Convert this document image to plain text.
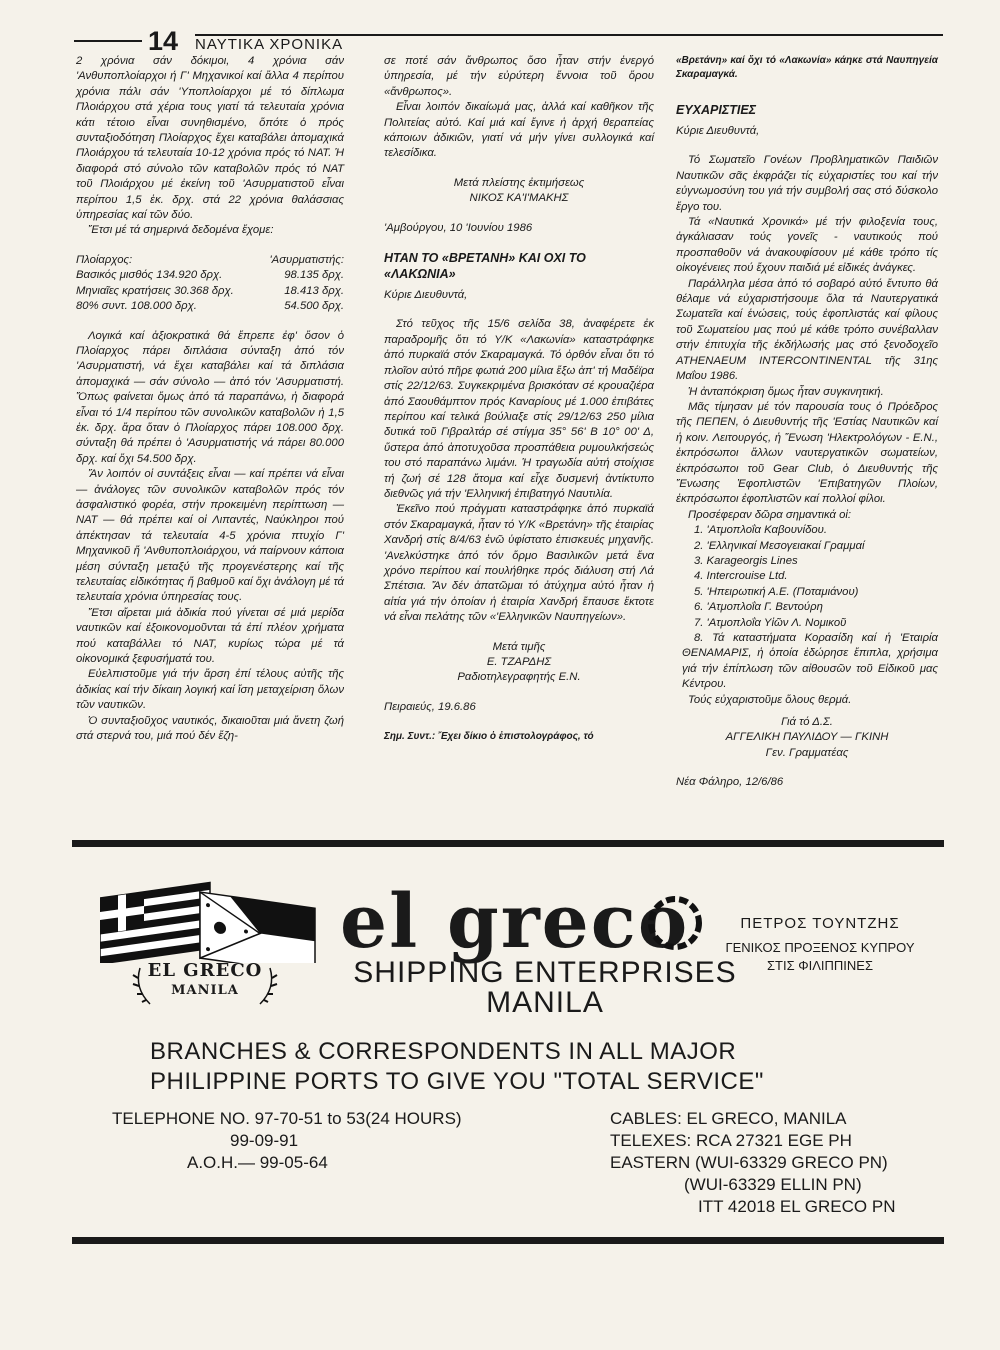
14 ΝΑΥΤΙΚΑ ΧΡΟΝΙΚΑ

2 χρόνια σάν δόκιμοι, 4 χρόνια σάν 'Ανθυποπλοίαρχοι ή Γ' Μηχανικοί καί ἄλλα 4 περίπου χρόνια πάλι σάν 'Υποπλοίαρχοι μέ τό δίπλωμα Πλοιάρχου στά χέρια τους γιατί τά τελευταία χρόνια κάτι τέτοιο εἶναι συνηθισμένο, ὅπότε ὁ πρός συνταξιοδότηση Πλοίαρχος ἔχει καταβάλει ἀπομαχικά Πλοιάρχου τά τελευταία 10-12 χρόνια πρός τό ΝΑΤ. Ἡ διαφορά στό σύνολο τῶν καταβολῶν πρός τό ΝΑΤ τοῦ Πλοιάρχου μέ ἐκείνη τοῦ 'Ασυρματιστοῦ εἶναι περίπου 1,5 ἑκ. δρχ. στά 22 χρόνια θαλάσσιας ὑπηρεσίας καί τῶν δύο.

Ἔτσι μέ τά σημερινά δεδομένα ἔχομε:

Πλοίαρχος:	'Ασυρματιστής:
Βασικός μισθός 134.920 δρχ.	98.135 δρχ.
Μηνιαῖες κρατήσεις 30.368 δρχ.	18.413 δρχ.
80% συντ. 108.000 δρχ.	54.500 δρχ.

Λογικά καί ἀξιοκρατικά θά ἔπρεπε ἐφ' ὅσον ὁ Πλοίαρχος πάρει διπλάσια σύνταξη ἀπό τόν 'Ασυρματιστή, νά ἔχει καταβάλει καί τά διπλάσια ἀπομαχικά — σάν σύνολο — ἀπό τόν 'Ασυρματιστή. Ὅπως φαίνεται ὅμως ἀπό τά παραπάνω, ἡ διαφορά εἶναι τό 1/4 περίπου τῶν συνολικῶν καταβολῶν ἡ 1,5 ἑκ. δρχ. ἄρα ὅταν ὁ Πλοίαρχος πάρει 108.000 δρχ. σύνταξη θά πρέπει ὁ 'Ασυρματιστής νά πάρει 80.000 δρχ. καί ὄχι 54.500 δρχ.

Ἄν λοιπόν οἱ συντάξεις εἶναι — καί πρέπει νά εἶναι — ἀνάλογες τῶν συνολικῶν καταβολῶν πρός τόν ἀσφαλιστικό φορέα, στήν προκειμένη περίπτωση — ΝΑΤ — θά πρέπει καί οἱ Λιπαντές, Ναύκληροι πού ἀπέκτησαν τά τελευταία 4-5 χρόνια πτυχίο Γ' Μηχανικοῦ ἤ 'Ανθυποπλοιάρχου, νά παίρνουν κάποια μέση σύνταξη μεταξύ τῆς προγενέστερης καί τῆς τελευταίας εἰδικότητας ἤ βαθμοῦ καί ὄχι ἀνάλογη μέ τά τελευταία χρόνια ὑπηρεσίας τους.

Ἔτσι αἴρεται μιά ἀδικία πού γίνεται σέ μιά μερίδα ναυτικῶν καί ἐξοικονομοῦνται τά ἐπί πλέον χρήματα πού καταβάλλει τό ΝΑΤ, κυρίως τώρα μέ τά οἰκονομικά ξεφυσήματά του.

Εὐελπιστοῦμε γιά τήν ἄρση ἐπί τέλους αὐτῆς τῆς ἀδικίας καί τήν δίκαιη λογική καί ἴση μεταχείριση ὅλων τῶν ναυτικῶν.

Ὁ συνταξιοῦχος ναυτικός, δικαιοῦται μιά ἄνετη ζωή στά στερνά του, μιά πού δέν ἔζη-

σε ποτέ σάν ἄνθρωπος ὅσο ἦταν στήν ἐνεργό ὑπηρεσία, μέ τήν εὐρύτερη ἔννοια τοῦ ὅρου «ἄνθρωπος».

Εἶναι λοιπόν δικαίωμά μας, ἀλλά καί καθῆκον τῆς Πολιτείας αὐτό. Καί μιά καί ἔγινε ἡ ἀρχή θεραπείας κάποιων ἀδικιῶν, γιατί νά μήν γίνει συλλογικά καί τελεσίδικα.

Μετά πλείστης ἐκτιμήσεως

ΝΙΚΟΣ ΚΑ'Ι'ΜΑΚΗΣ

'Αμβούργου, 10 'Ιουνίου 1986

ΗΤΑΝ ΤΟ «ΒΡΕΤΑΝΗ» ΚΑΙ ΟΧΙ ΤΟ «ΛΑΚΩΝΙΑ»

Κύριε Διευθυντά,

Στό τεῦχος τῆς 15/6 σελίδα 38, ἀναφέρετε ἐκ παραδρομῆς ὅτι τό Υ/Κ «Λακωνία» καταστράφηκε ἀπό πυρκαϊά στόν Σκαραμαγκά. Τό ὀρθόν εἶναι ὅτι τό πλοῖον αὐτό πῆρε φωτιά 200 μίλια ἔξω ἀπ' τή Μαδέϊρα στίς 22/12/63. Συγκεκριμένα βρισκόταν σέ κρουαζιέρα ἀπό Σαουθάμπτον πρός Καναρίους μέ 1.000 ἐπιβάτες περίπου καί τελικά βούλιαξε στίς 29/12/63 250 μίλια δυτικά τοῦ Γιβραλτάρ σέ στίγμα 35° 56' Β 10° 00' Δ, ὕστερα ἀπό ἀποτυχοῦσα προσπάθεια ρυμουλκήσεώς του στό παραπάνω λιμάνι. Ἡ τραγωδία αὐτή στοίχισε τή ζωή σέ 128 ἄτομα καί εἶχε δυσμενή ἀντίκτυπο διεθνῶς γιά τήν 'Ελληνική ἐπιβατηγό Ναυτιλία.

Ἐκεῖνο πού πράγματι καταστράφηκε ἀπό πυρκαϊά στόν Σκαραμαγκά, ἦταν τό Υ/Κ «Βρετάνη» τῆς ἑταιρίας Χανδρή στίς 8/4/63 ἐνῶ ὑφίστατο ἐπισκευές μηχανῆς. 'Ανελκύστηκε ἀπό τόν ὅρμο Βασιλικῶν μετά ἕνα χρόνο περίπου καί πουλήθηκε πρός διάλυση στή Λά Σπέτσια. Ἄν δέν ἀπατῶμαι τό ἀτύχημα αὐτό ἦταν ἡ αἰτία γιά τήν ὁποίαν ἡ ἑταιρία Χανδρή ἔπαυσε ἔκτοτε νά εἶναι πελάτης τῶν «'Ελληνικῶν Ναυπηγείων».

Μετά τιμῆς

Ε. ΤΖΑΡΔΗΣ

Ραδιοτηλεγραφητής Ε.Ν.

Πειραιεύς, 19.6.86

Σημ. Συντ.: Ἔχει δίκιο ὁ ἐπιστολογράφος, τό

«Βρετάνη» καί ὄχι τό «Λακωνία» κάηκε στά Ναυπηγεία Σκαραμαγκά.

ΕΥΧΑΡΙΣΤΙΕΣ

Κύριε Διευθυντά,

Τό Σωματεῖο Γονέων Προβληματικῶν Παιδιῶν Ναυτικῶν σᾶς ἐκφράζει τίς εὐχαριστίες του καί τήν εὐγνωμοσύνη του γιά τήν συμβολή σας στό δύσκολο ἔργο του.

Τά «Ναυτικά Χρονικά» μέ τήν φιλοξενία τους, ἀγκάλιασαν τούς γονεῖς - ναυτικούς πού προσπαθοῦν νά ἀνακουφίσουν μέ κάθε τρόπο τίς οἰκογένειες πού ἔχουν παιδιά μέ εἰδικές ἀνάγκες.

Παράλληλα μέσα ἀπό τό σοβαρό αὐτό ἔντυπο θά θέλαμε νά εὐχαριστήσουμε ὅλα τά Ναυτεργατικά Σωματεῖα καί ἑνώσεις, τούς ἐφοπλιστάς καί φίλους τοῦ Σωματείου μας πού μέ κάθε τρόπο συνέβαλλαν στήν ἐπιτυχία τῆς ἐκδήλωσής μας στό ξενοδοχεῖο ATHENAEUM INTERCONTINENTAL τῆς 31ης Μαΐου 1986.

Ἡ ἀνταπόκριση ὅμως ἦταν συγκινητική.

Μᾶς τίμησαν μέ τόν παρουσία τους ὁ Πρόεδρος τῆς ΠΕΠΕΝ, ὁ Διευθυντής τῆς 'Εστίας Ναυτικῶν καί ἡ κοιν. Λειτουργός, ἡ Ἕνωση 'Ηλεκτρολόγων - Ε.Ν., ἐκπρόσωποι ἄλλων ναυτεργατικῶν σωματείων, ἐκπρόσωποι τοῦ Gear Club, ὁ Διευθυντής τῆς Ἕνωσης Ἐφοπλιστῶν 'Επιβατηγῶν Πλοίων, ἐκπρόσωποι ἐφοπλιστῶν καί πολλοί φίλοι.

Προσέφεραν δῶρα σημαντικά οἱ:

1. 'Ατμοπλοΐα Καβουνίδου.
2. 'Ελληνικαί Μεσογειακαί Γραμμαί
3. Karageorgis Lines
4. Intercrouise Ltd.
5. 'Ηπειρωτική Α.Ε. (Ποταμιάνου)
6. 'Ατμοπλοΐα Γ. Βεντούρη
7. 'Ατμοπλοΐα Υἱῶν Λ. Νομικοῦ

8. Τά καταστήματα Κορασίδη καί ἡ 'Εταιρία ΘΕΝΑΜΑΡΙΣ, ἡ ὁποία ἐδώρησε ἔπιπλα, χρήσιμα γιά τήν ἐπίπλωση τῶν αἰθουσῶν τοῦ Εἰδικοῦ μας Κέντρου.

Τούς εὐχαριστοῦμε ὅλους θερμά.

Γιά τό Δ.Σ.

ΑΓΓΕΛΙΚΗ ΠΑΥΛΙΔΟΥ — ΓΚΙΝΗ

Γεν. Γραμματέας

Νέα Φάληρο, 12/6/86

EL GRECO
MANILA
el greco
SHIPPING ENTERPRISES
MANILA
ΠΕΤΡΟΣ ΤΟΥΝΤΖΗΣ
ΓΕΝΙΚΟΣ ΠΡΟΞΕΝΟΣ ΚΥΠΡΟΥ
ΣΤΙΣ ΦΙΛΙΠΠΙΝΕΣ
BRANCHES & CORRESPONDENTS IN ALL MAJOR
PHILIPPINE PORTS TO GIVE YOU "TOTAL SERVICE"
TELEPHONE NO. 97-70-51 to 53(24 HOURS)
99-09-91
A.O.H.— 99-05-64
CABLES: EL GRECO, MANILA
TELEXES: RCA 27321 EGE PH
EASTERN (WUI-63329 GRECO PN)
(WUI-63329 ELLIN PN)
ITT 42018 EL GRECO PN
